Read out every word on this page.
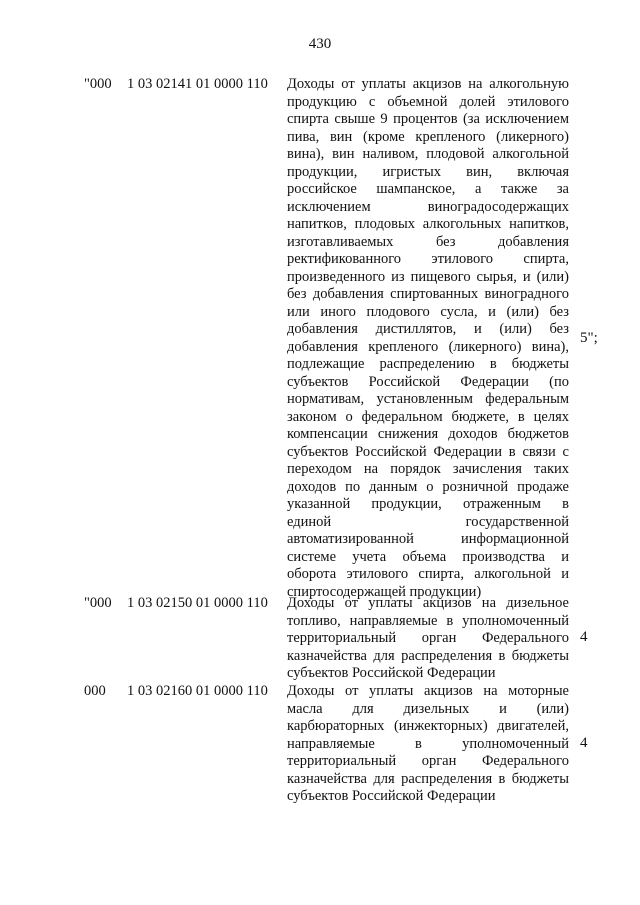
430
"000 1 03 02141 01 0000 110 Доходы от уплаты акцизов на алкогольную
продукцию с объемной долей этилового
спирта свыше 9 процентов (за исключением
пива, вин (кроме крепленого (ликерного)
вина), вин наливом, плодовой алкогольной
продукции, игристых вин, включая
российское шампанское, а также за
исключением виноградосодержащих
напитков, плодовых алкогольных напитков,
изготавливаемых без добавления
ректификованного этилового спирта,
произведенного из пищевого сырья, и (или)
без добавления спиртованных виноградного
или иного плодового сусла, и (или) без
добавления дистиллятов, и (или) без
добавления крепленого (ликерного) вина),
подлежащие распределению в бюджеты
субъектов Российской Федерации (по
нормативам, установленным федеральным
законом о федеральном бюджете, в целях
компенсации снижения доходов бюджетов
субъектов Российской Федерации в связи с
переходом на порядок зачисления таких
доходов по данным о розничной продаже
указанной продукции, отраженным в
единой государственной
автоматизированной информационной
системе учета объема производства и
оборота этилового спирта, алкогольной и
спиртосодержащей продукции)
5";
"000 1 03 02150 01 0000 110 Доходы от уплаты акцизов на дизельное
топливо, направляемые в уполномоченный
территориальный орган Федерального
казначейства для распределения в бюджеты
субъектов Российской Федерации
4
000 1 03 02160 01 0000 110 Доходы от уплаты акцизов на моторные
масла для дизельных и (или)
карбюраторных (инжекторных) двигателей,
направляемые в уполномоченный
территориальный орган Федерального
казначейства для распределения в бюджеты
субъектов Российской Федерации
4
